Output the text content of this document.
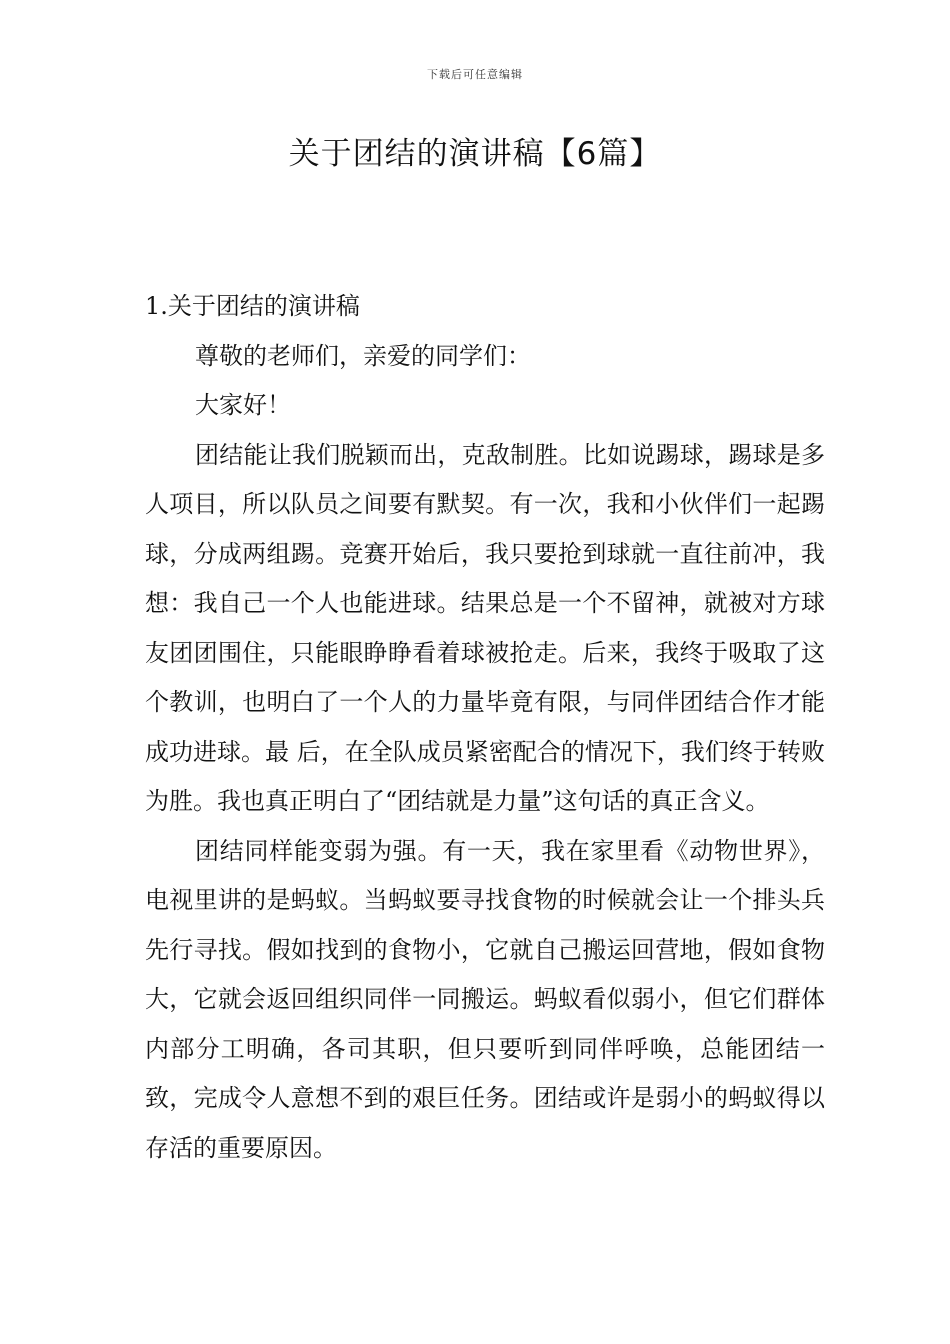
下载后可任意编辑
关于团结的演讲稿【6篇】
1.关于团结的演讲稿

尊敬的老师们，亲爱的同学们：

大家好！

团结能让我们脱颖而出，克敌制胜。比如说踢球，踢球是多人项目，所以队员之间要有默契。有一次，我和小伙伴们一起踢球，分成两组踢。竞赛开始后，我只要抢到球就一直往前冲，我想：我自己一个人也能进球。结果总是一个不留神，就被对方球友团团围住，只能眼睁睁看着球被抢走。后来，我终于吸取了这个教训，也明白了一个人的力量毕竟有限，与同伴团结合作才能成功进球。最 后，在全队成员紧密配合的情况下，我们终于转败为胜。我也真正明白了“团结就是力量”这句话的真正含义。

团结同样能变弱为强。有一天，我在家里看《动物世界》，电视里讲的是蚂蚁。当蚂蚁要寻找食物的时候就会让一个排头兵先行寻找。假如找到的食物小，它就自己搬运回营地，假如食物大，它就会返回组织同伴一同搬运。蚂蚁看似弱小，但它们群体内部分工明确，各司其职，但只要听到同伴呼唤，总能团结一致，完成令人意想不到的艰巨任务。团结或许是弱小的蚂蚁得以存活的重要原因。
